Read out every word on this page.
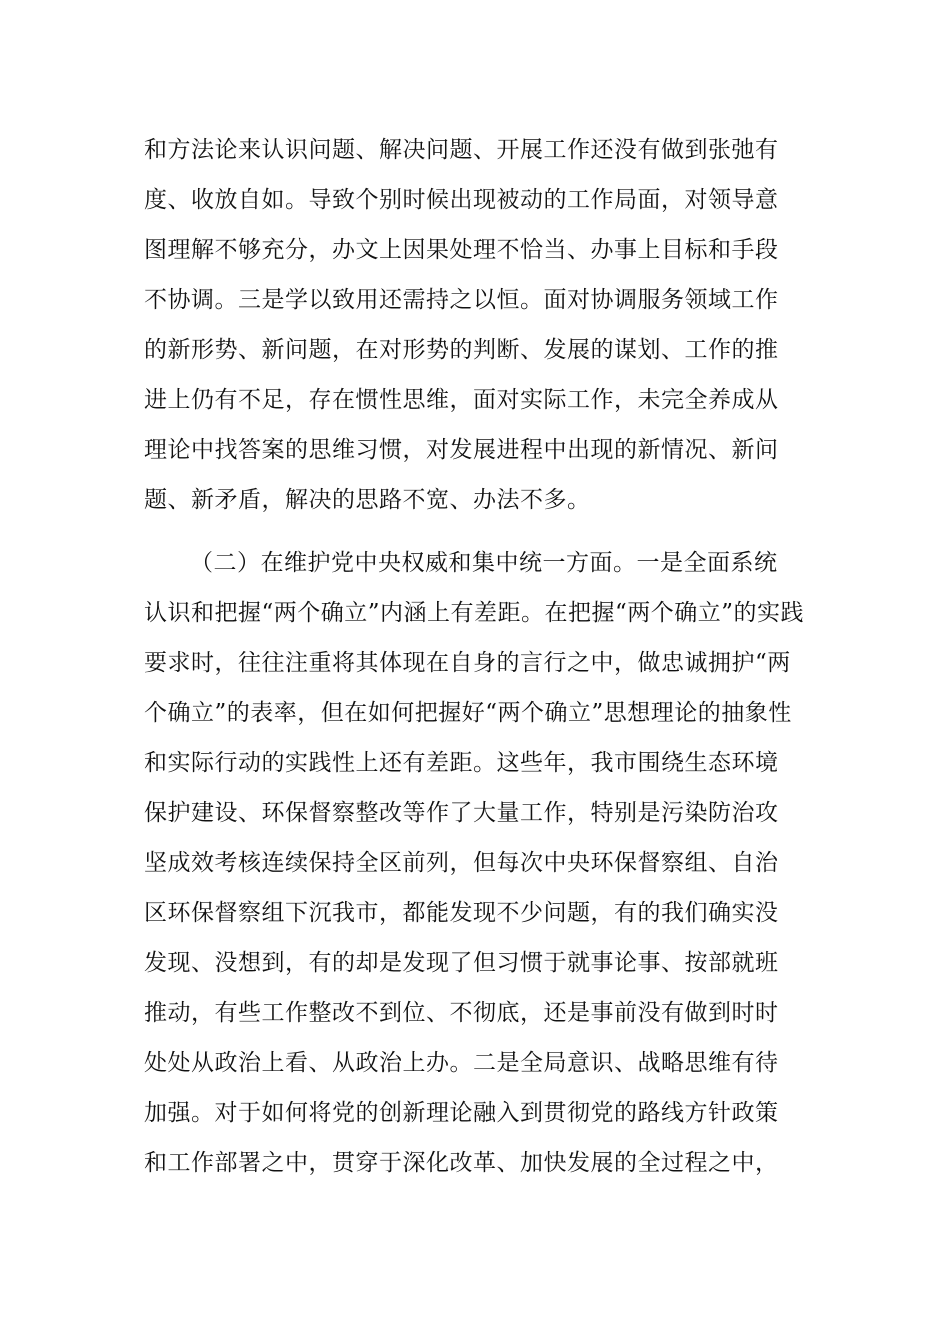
和方法论来认识问题、解决问题、开展工作还没有做到张弛有
度、收放自如。导致个别时候出现被动的工作局面，对领导意
图理解不够充分，办文上因果处理不恰当、办事上目标和手段
不协调。三是学以致用还需持之以恒。面对协调服务领域工作
的新形势、新问题，在对形势的判断、发展的谋划、工作的推
进上仍有不足，存在惯性思维，面对实际工作，未完全养成从
理论中找答案的思维习惯，对发展进程中出现的新情况、新问
题、新矛盾，解决的思路不宽、办法不多。
（二）在维护党中央权威和集中统一方面。一是全面系统
认识和把握“两个确立”内涵上有差距。在把握“两个确立”的实践
要求时，往往注重将其体现在自身的言行之中，做忠诚拥护“两
个确立”的表率，但在如何把握好“两个确立”思想理论的抽象性
和实际行动的实践性上还有差距。这些年，我市围绕生态环境
保护建设、环保督察整改等作了大量工作，特别是污染防治攻
坚成效考核连续保持全区前列，但每次中央环保督察组、自治
区环保督察组下沉我市，都能发现不少问题，有的我们确实没
发现、没想到，有的却是发现了但习惯于就事论事、按部就班
推动，有些工作整改不到位、不彻底，还是事前没有做到时时
处处从政治上看、从政治上办。二是全局意识、战略思维有待
加强。对于如何将党的创新理论融入到贯彻党的路线方针政策
和工作部署之中，贯穿于深化改革、加快发展的全过程之中，
